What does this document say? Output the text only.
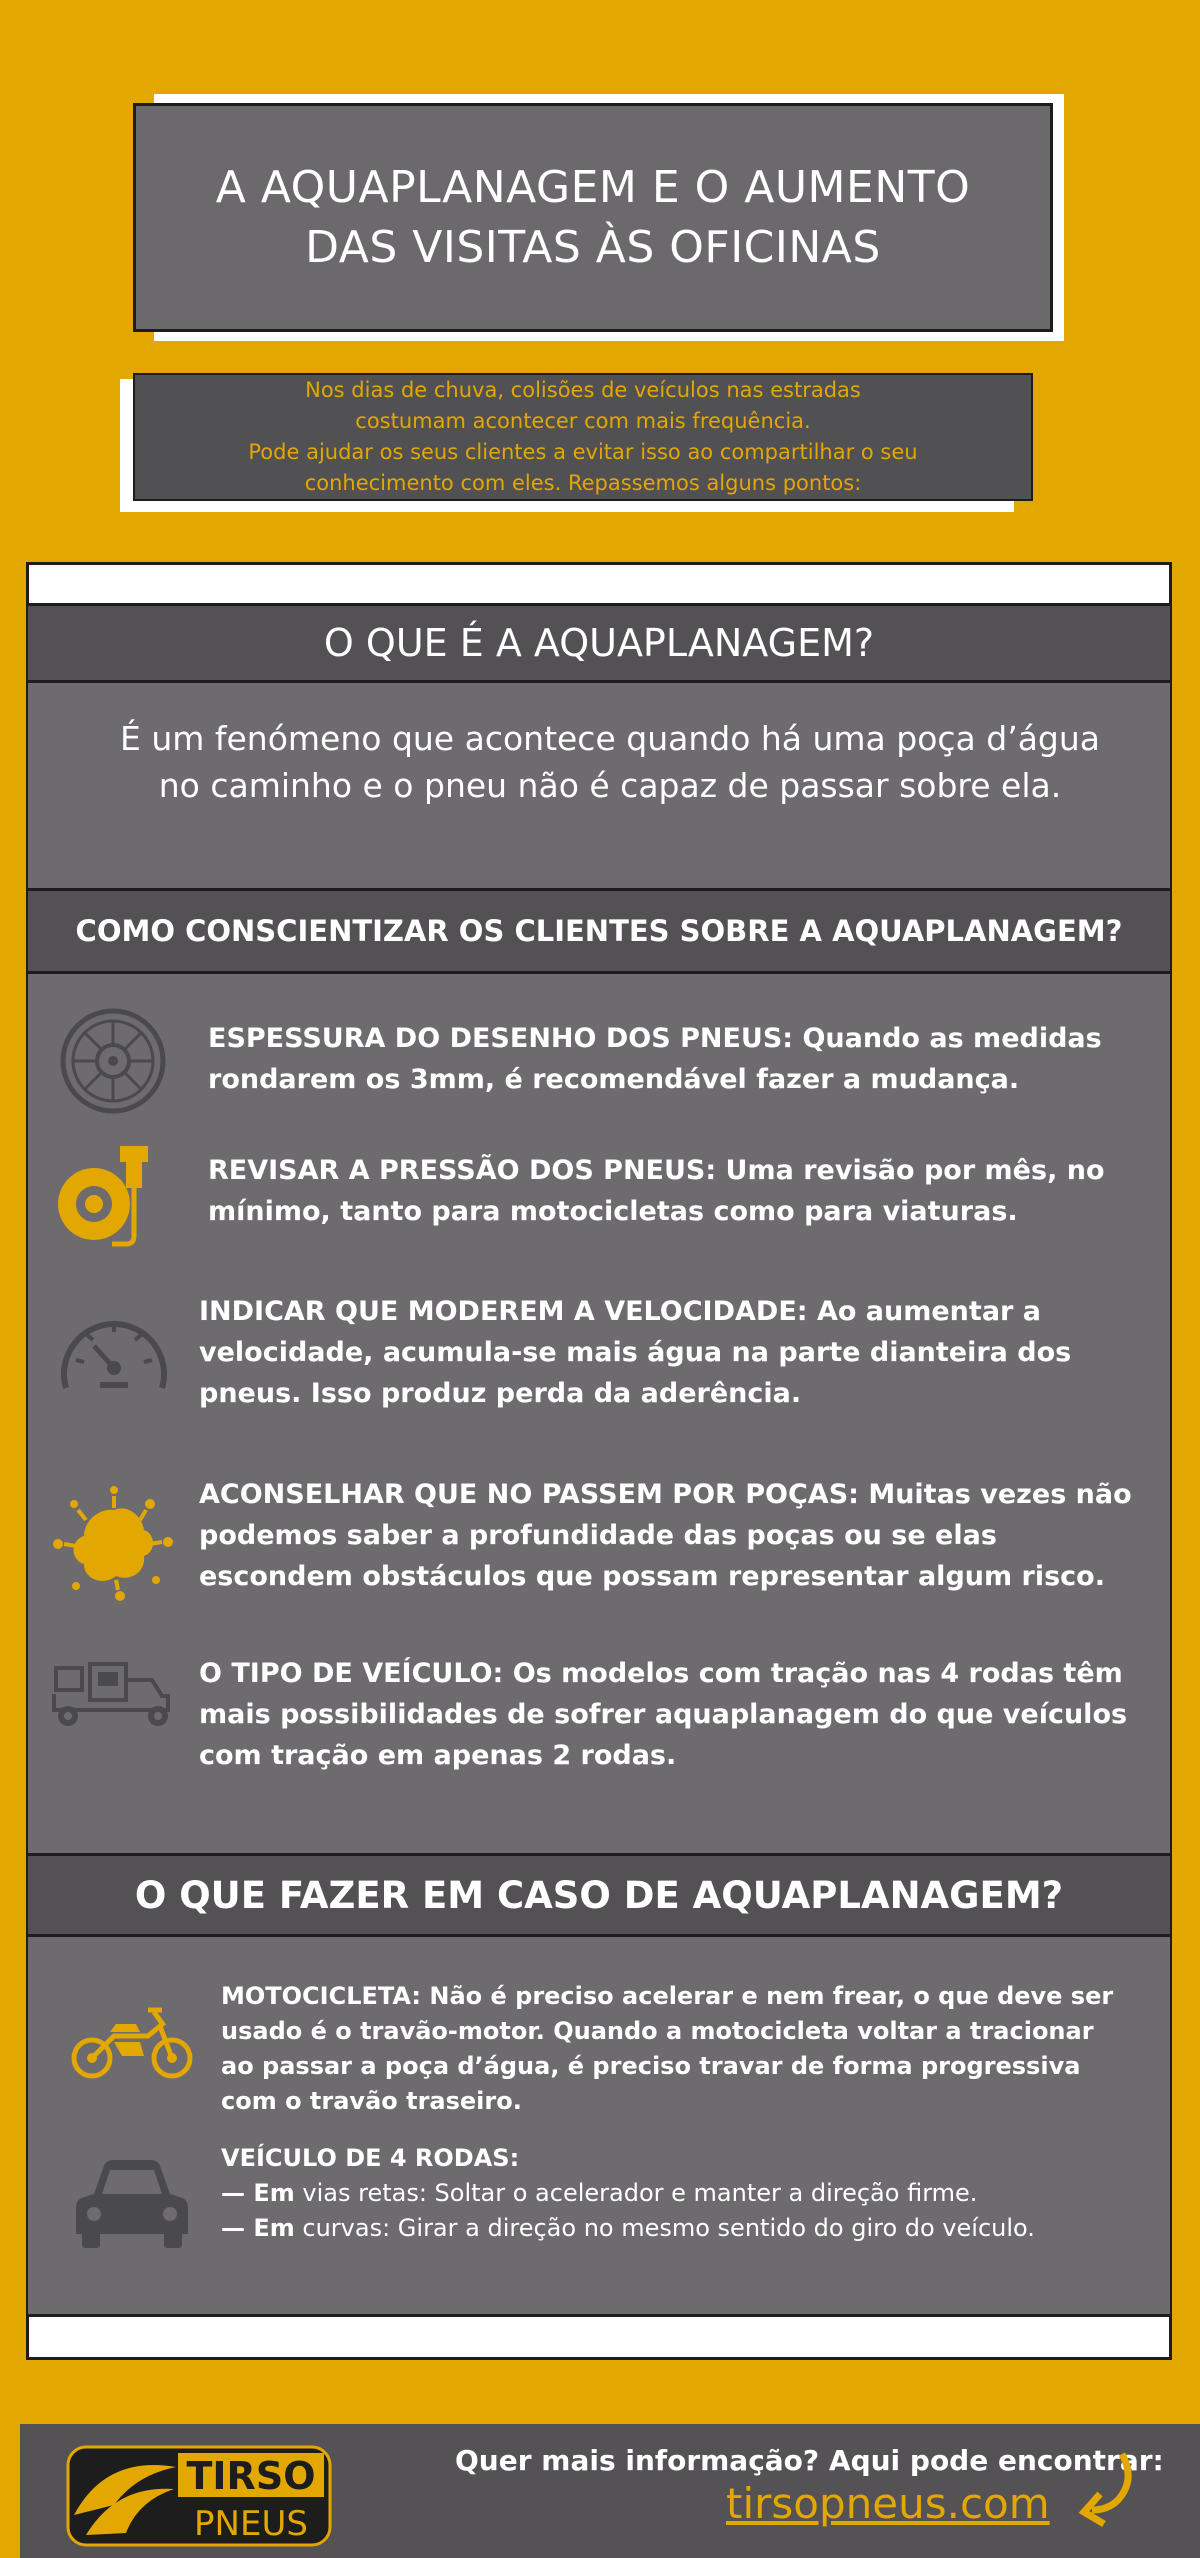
A AQUAPLANAGEM E O AUMENTO
DAS VISITAS ÀS OFICINAS

Nos dias de chuva, colisões de veículos nas estradas

costumam acontecer com mais frequência.

Pode ajudar os seus clientes a evitar isso ao compartilhar o seu

conhecimento com eles. Repassemos alguns pontos:

O QUE É A AQUAPLANAGEM?
É um fenómeno que acontece quando há uma poça d’água
no caminho e o pneu não é capaz de passar sobre ela.
COMO CONSCIENTIZAR OS CLIENTES SOBRE A AQUAPLANAGEM?
ESPESSURA DO DESENHO DOS PNEUS: Quando as medidas
rondarem os 3mm, é recomendável fazer a mudança.
REVISAR A PRESSÃO DOS PNEUS: Uma revisão por mês, no
mínimo, tanto para motocicletas como para viaturas.
INDICAR QUE MODEREM A VELOCIDADE: Ao aumentar a
velocidade, acumula-se mais água na parte dianteira dos
pneus. Isso produz perda da aderência.
ACONSELHAR QUE NO PASSEM POR POÇAS: Muitas vezes não
podemos saber a profundidade das poças ou se elas
escondem obstáculos que possam representar algum risco.
O TIPO DE VEÍCULO: Os modelos com tração nas 4 rodas têm
mais possibilidades de sofrer aquaplanagem do que veículos
com tração em apenas 2 rodas.
O QUE FAZER EM CASO DE AQUAPLANAGEM?
MOTOCICLETA: Não é preciso acelerar e nem frear, o que deve ser
usado é o travão-motor. Quando a motocicleta voltar a tracionar
ao passar a poça d’água, é preciso travar de forma progressiva
com o travão traseiro.
VEÍCULO DE 4 RODAS:
— Em vias retas: Soltar o acelerador e manter a direção firme.
— Em curvas: Girar a direção no mesmo sentido do giro do veículo.
TIRSO
PNEUS
Quer mais informação? Aqui pode encontrar:
tirsopneus.com
